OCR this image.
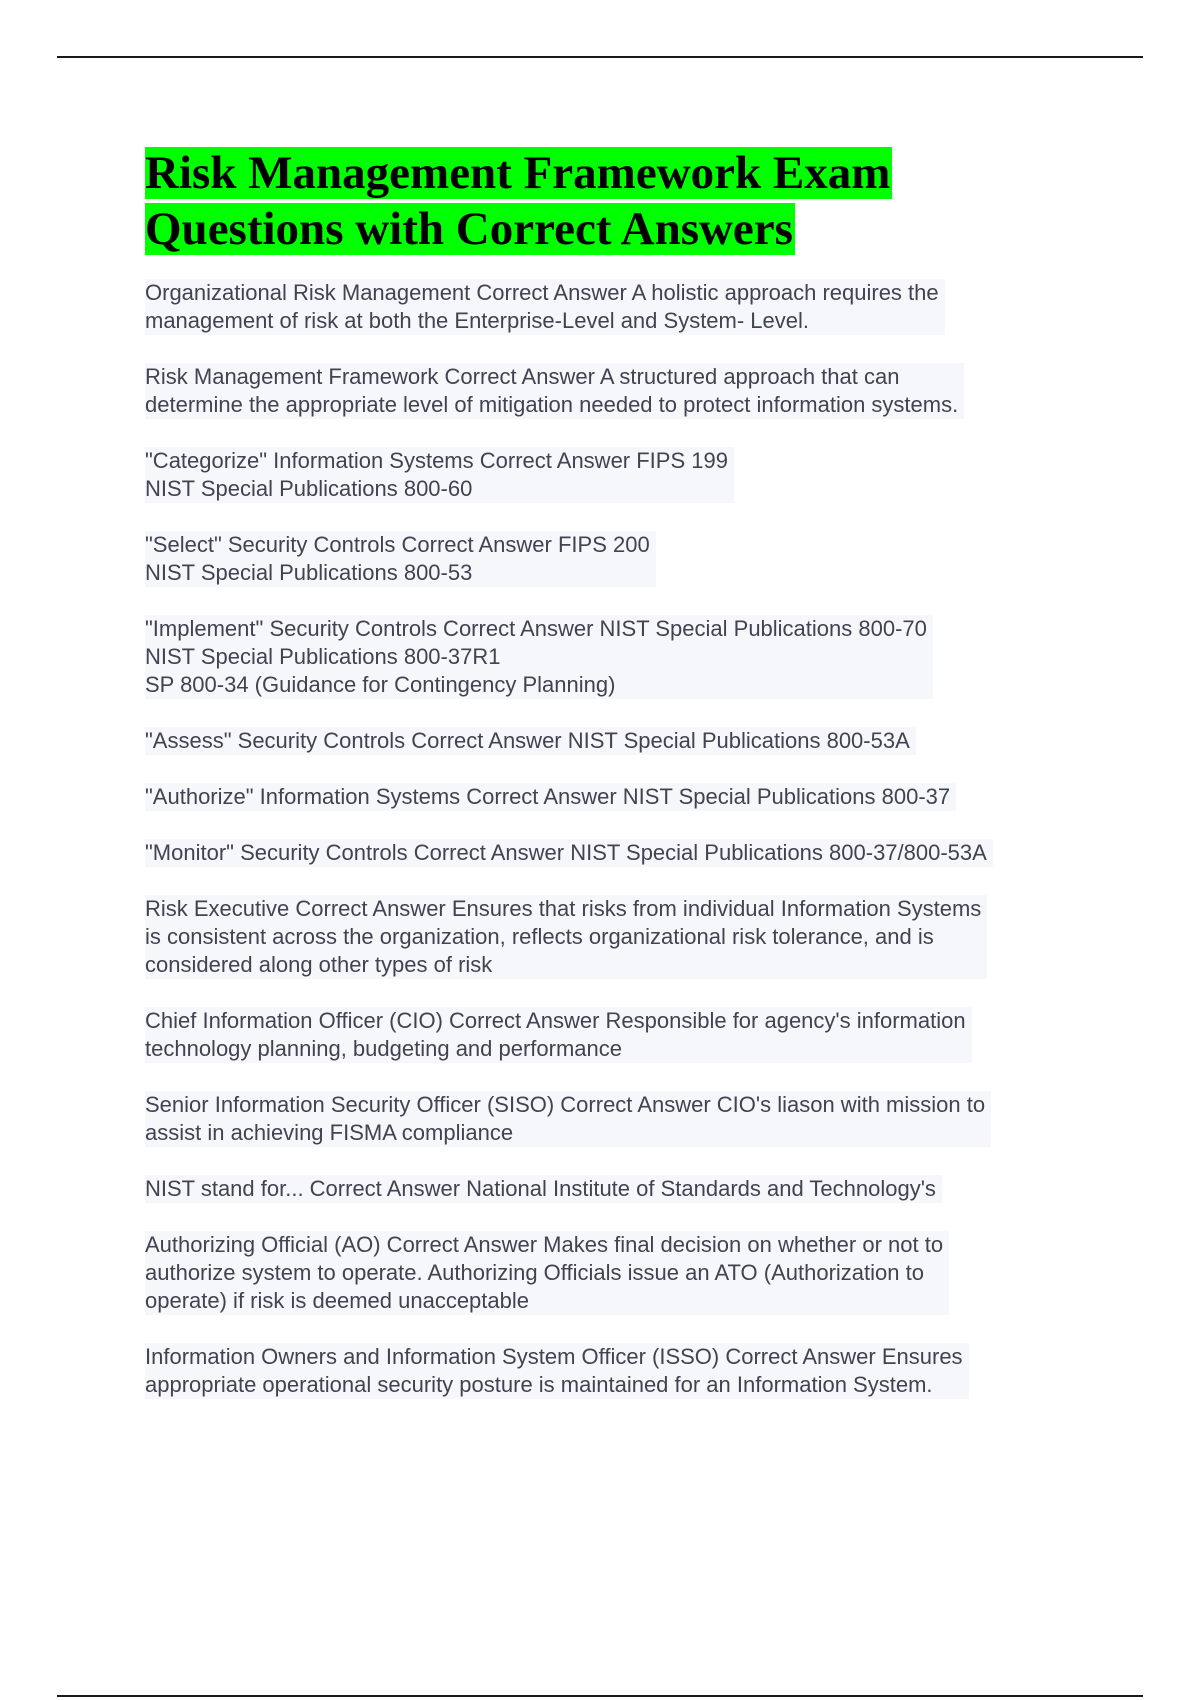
Risk Management Framework Exam
Questions with Correct Answers

Organizational Risk Management Correct Answer A holistic approach requires the
management of risk at both the Enterprise-Level and System- Level.

Risk Management Framework Correct Answer A structured approach that can
determine the appropriate level of mitigation needed to protect information systems.

"Categorize" Information Systems Correct Answer FIPS 199
NIST Special Publications 800-60

"Select" Security Controls Correct Answer FIPS 200
NIST Special Publications 800-53

"Implement" Security Controls Correct Answer NIST Special Publications 800-70
NIST Special Publications 800-37R1
SP 800-34 (Guidance for Contingency Planning)

"Assess" Security Controls Correct Answer NIST Special Publications 800-53A

"Authorize" Information Systems Correct Answer NIST Special Publications 800-37

"Monitor" Security Controls Correct Answer NIST Special Publications 800-37/800-53A

Risk Executive Correct Answer Ensures that risks from individual Information Systems
is consistent across the organization, reflects organizational risk tolerance, and is
considered along other types of risk

Chief Information Officer (CIO) Correct Answer Responsible for agency's information
technology planning, budgeting and performance

Senior Information Security Officer (SISO) Correct Answer CIO's liason with mission to
assist in achieving FISMA compliance

NIST stand for... Correct Answer National Institute of Standards and Technology's

Authorizing Official (AO) Correct Answer Makes final decision on whether or not to
authorize system to operate. Authorizing Officials issue an ATO (Authorization to
operate) if risk is deemed unacceptable

Information Owners and Information System Officer (ISSO) Correct Answer Ensures
appropriate operational security posture is maintained for an Information System.
